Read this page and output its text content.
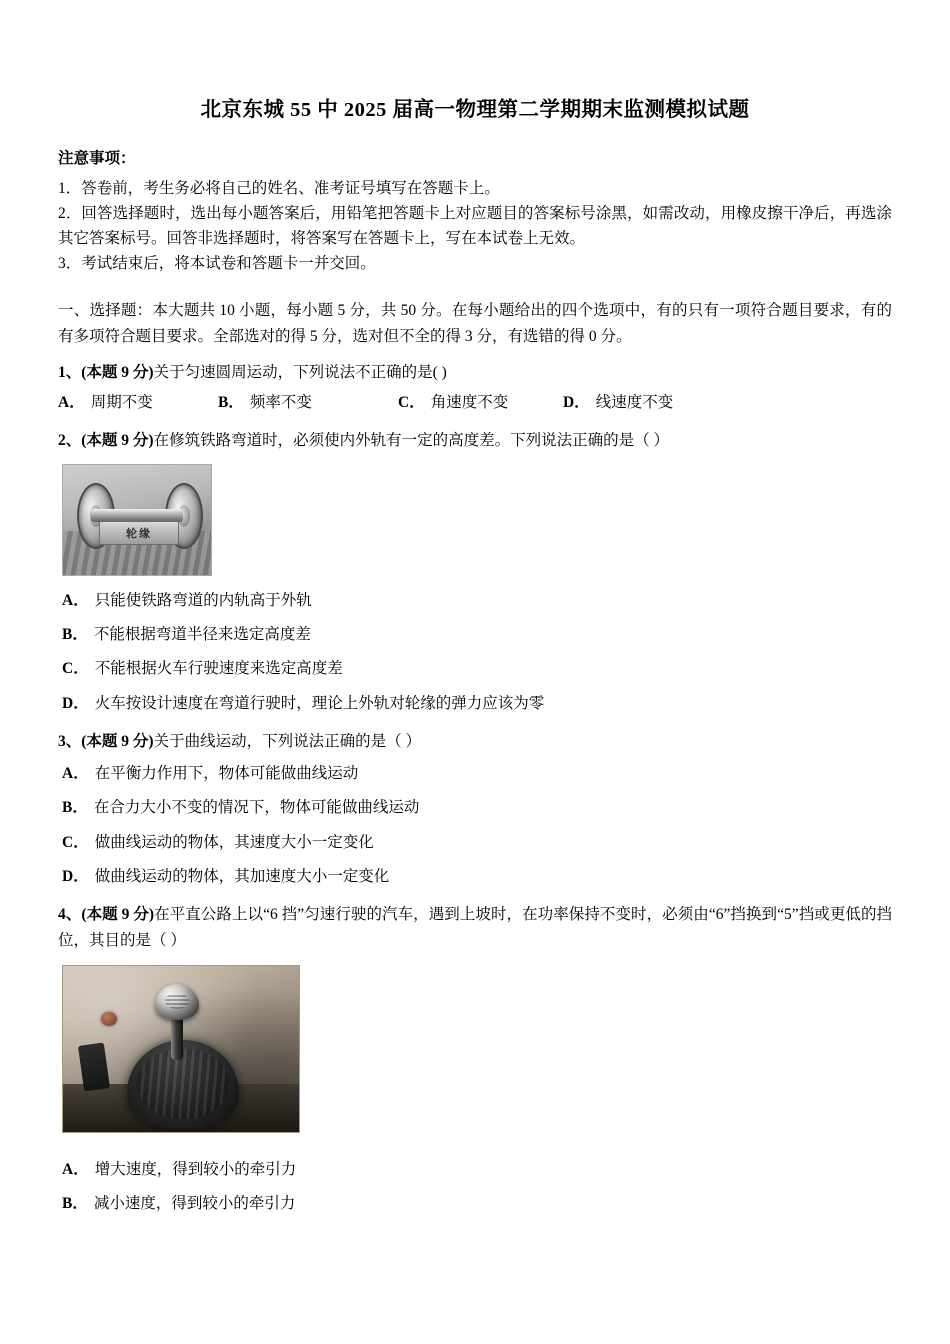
北京东城 55 中 2025 届高一物理第二学期期末监测模拟试题

注意事项：

1．答卷前，考生务必将自己的姓名、准考证号填写在答题卡上。

2．回答选择题时，选出每小题答案后，用铅笔把答题卡上对应题目的答案标号涂黑，如需改动，用橡皮擦干净后，再选涂其它答案标号。回答非选择题时，将答案写在答题卡上，写在本试卷上无效。

3．考试结束后，将本试卷和答题卡一并交回。

一、选择题：本大题共 10 小题，每小题 5 分，共 50 分。在每小题给出的四个选项中，有的只有一项符合题目要求，有的有多项符合题目要求。全部选对的得 5 分，选对但不全的得 3 分，有选错的得 0 分。

1、(本题 9 分)关于匀速圆周运动，下列说法不正确的是( )

A． 周期不变	B． 频率不变	C． 角速度不变	D． 线速度不变

2、(本题 9 分)在修筑铁路弯道时，必须使内外轨有一定的高度差。下列说法正确的是（ ）

轮缘

A． 只能使铁路弯道的内轨高于外轨

B． 不能根据弯道半径来选定高度差

C． 不能根据火车行驶速度来选定高度差

D． 火车按设计速度在弯道行驶时，理论上外轨对轮缘的弹力应该为零

3、(本题 9 分)关于曲线运动，下列说法正确的是（ ）

A． 在平衡力作用下，物体可能做曲线运动

B． 在合力大小不变的情况下，物体可能做曲线运动

C． 做曲线运动的物体，其速度大小一定变化

D． 做曲线运动的物体，其加速度大小一定变化

4、(本题 9 分)在平直公路上以“6 挡”匀速行驶的汽车，遇到上坡时，在功率保持不变时，必须由“6”挡换到“5”挡或更低的挡位，其目的是（ ）

A． 增大速度，得到较小的牵引力

B． 减小速度，得到较小的牵引力
